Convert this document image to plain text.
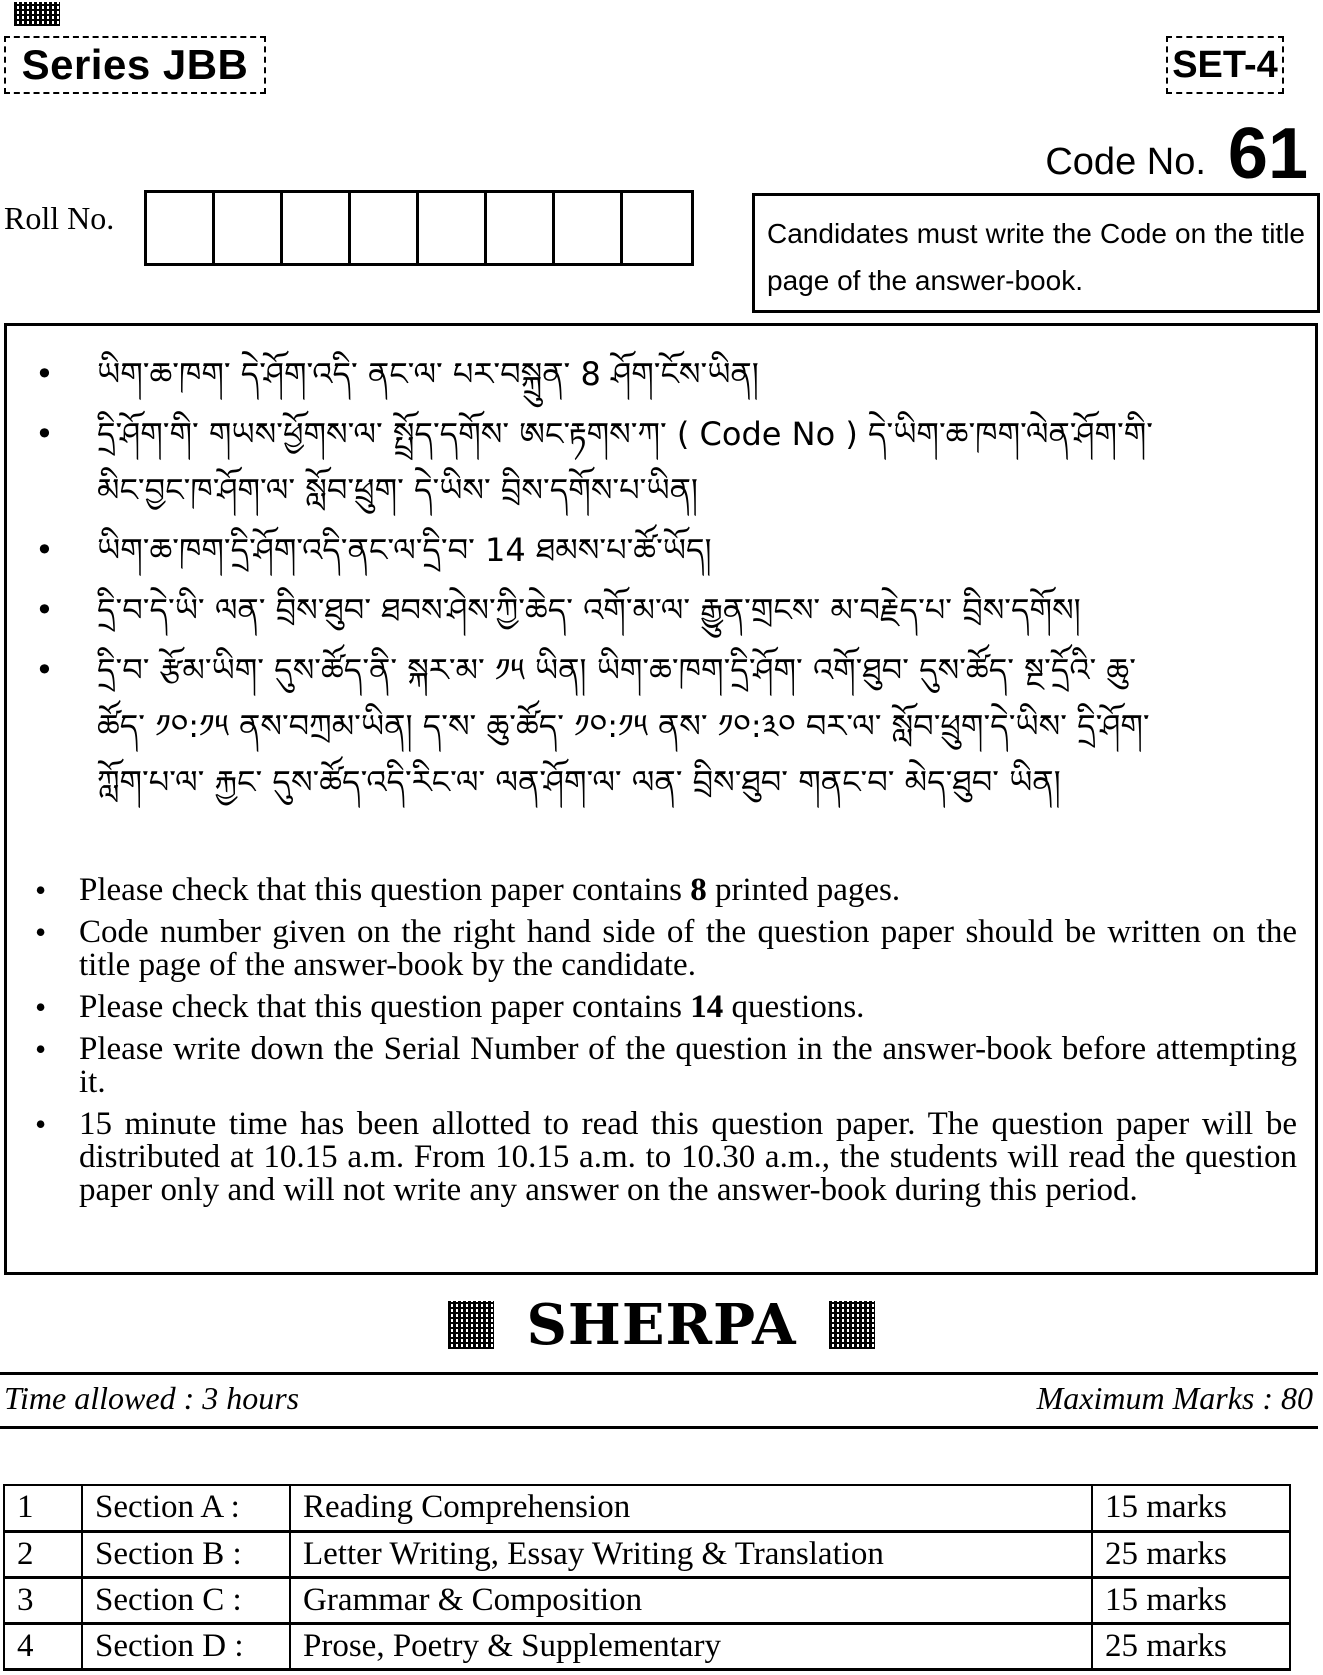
Series JBB	SET-4
Code No. 61
Roll No.	Candidates must write the Code on the title page of the answer-book.
• ཡིག་ཆ་ཁག་ དེ་ཤོག་འདི་ ནང་ལ་ པར་བསྐྲུན་ 8 ཤོག་ངོས་ཡིན།
• དྲི་ཤོག་གི་ གཡས་ཕྱོགས་ལ་ སྤྲོད་དགོས་ ཨང་རྟགས་ཀ་ ( Code No ) དེ་ཡིག་ཆ་ཁག་ལེན་ཤོག་གི་མིང་བྱང་ཁ་ཤོག་ལ་ སློབ་ཕྲུག་ དེ་ཡིས་ བྲིས་དགོས་པ་ཡིན།
• ཡིག་ཆ་ཁག་དྲི་ཤོག་འདི་ནང་ལ་དྲི་བ་ 14 ཐམས་པ་ཚོ་ཡོད།
• དྲི་བ་དེ་ཡི་ ལན་ བྲིས་ཐུབ་ ཐབས་ཤེས་ཀྱི་ཆེད་ འགོ་མ་ལ་ རྒྱུན་གྲངས་ མ་བརྗེད་པ་ བྲིས་དགོས།
• དྲི་བ་ རྩོམ་ཡིག་ དུས་ཚོད་ནི་ སྐར་མ་ ༡༥ ཡིན། ཡིག་ཆ་ཁག་དྲི་ཤོག་ འགོ་ཐུབ་ དུས་ཚོད་ སྔ་དྲོའི་ ཆུ་ཚོད་ ༡༠:༡༥ ནས་བཀྲམ་ཡིན། ད་ས་ ཆུ་ཚོད་ ༡༠:༡༥ ནས་ ༡༠:༣༠ བར་ལ་ སློབ་ཕྲུག་དེ་ཡིས་ དྲི་ཤོག་ ཀློག་པ་ལ་ རྐྱང་ དུས་ཚོད་འདི་རིང་ལ་ ལན་ཤོག་ལ་ ལན་ བྲིས་ཐུབ་ གནང་བ་ མེད་ཐུབ་ ཡིན།
• Please check that this question paper contains 8 printed pages.
• Code number given on the right hand side of the question paper should be written on the title page of the answer-book by the candidate.
• Please check that this question paper contains 14 questions.
• Please write down the Serial Number of the question in the answer-book before attempting it.
• 15 minute time has been allotted to read this question paper. The question paper will be distributed at 10.15 a.m. From 10.15 a.m. to 10.30 a.m., the students will read the question paper only and will not write any answer on the answer-book during this period.
SHERPA
Time allowed : 3 hours	Maximum Marks : 80
1	Section A :	Reading Comprehension	15 marks
2	Section B :	Letter Writing, Essay Writing & Translation	25 marks
3	Section C :	Grammar & Composition	15 marks
4	Section D :	Prose, Poetry & Supplementary	25 marks
